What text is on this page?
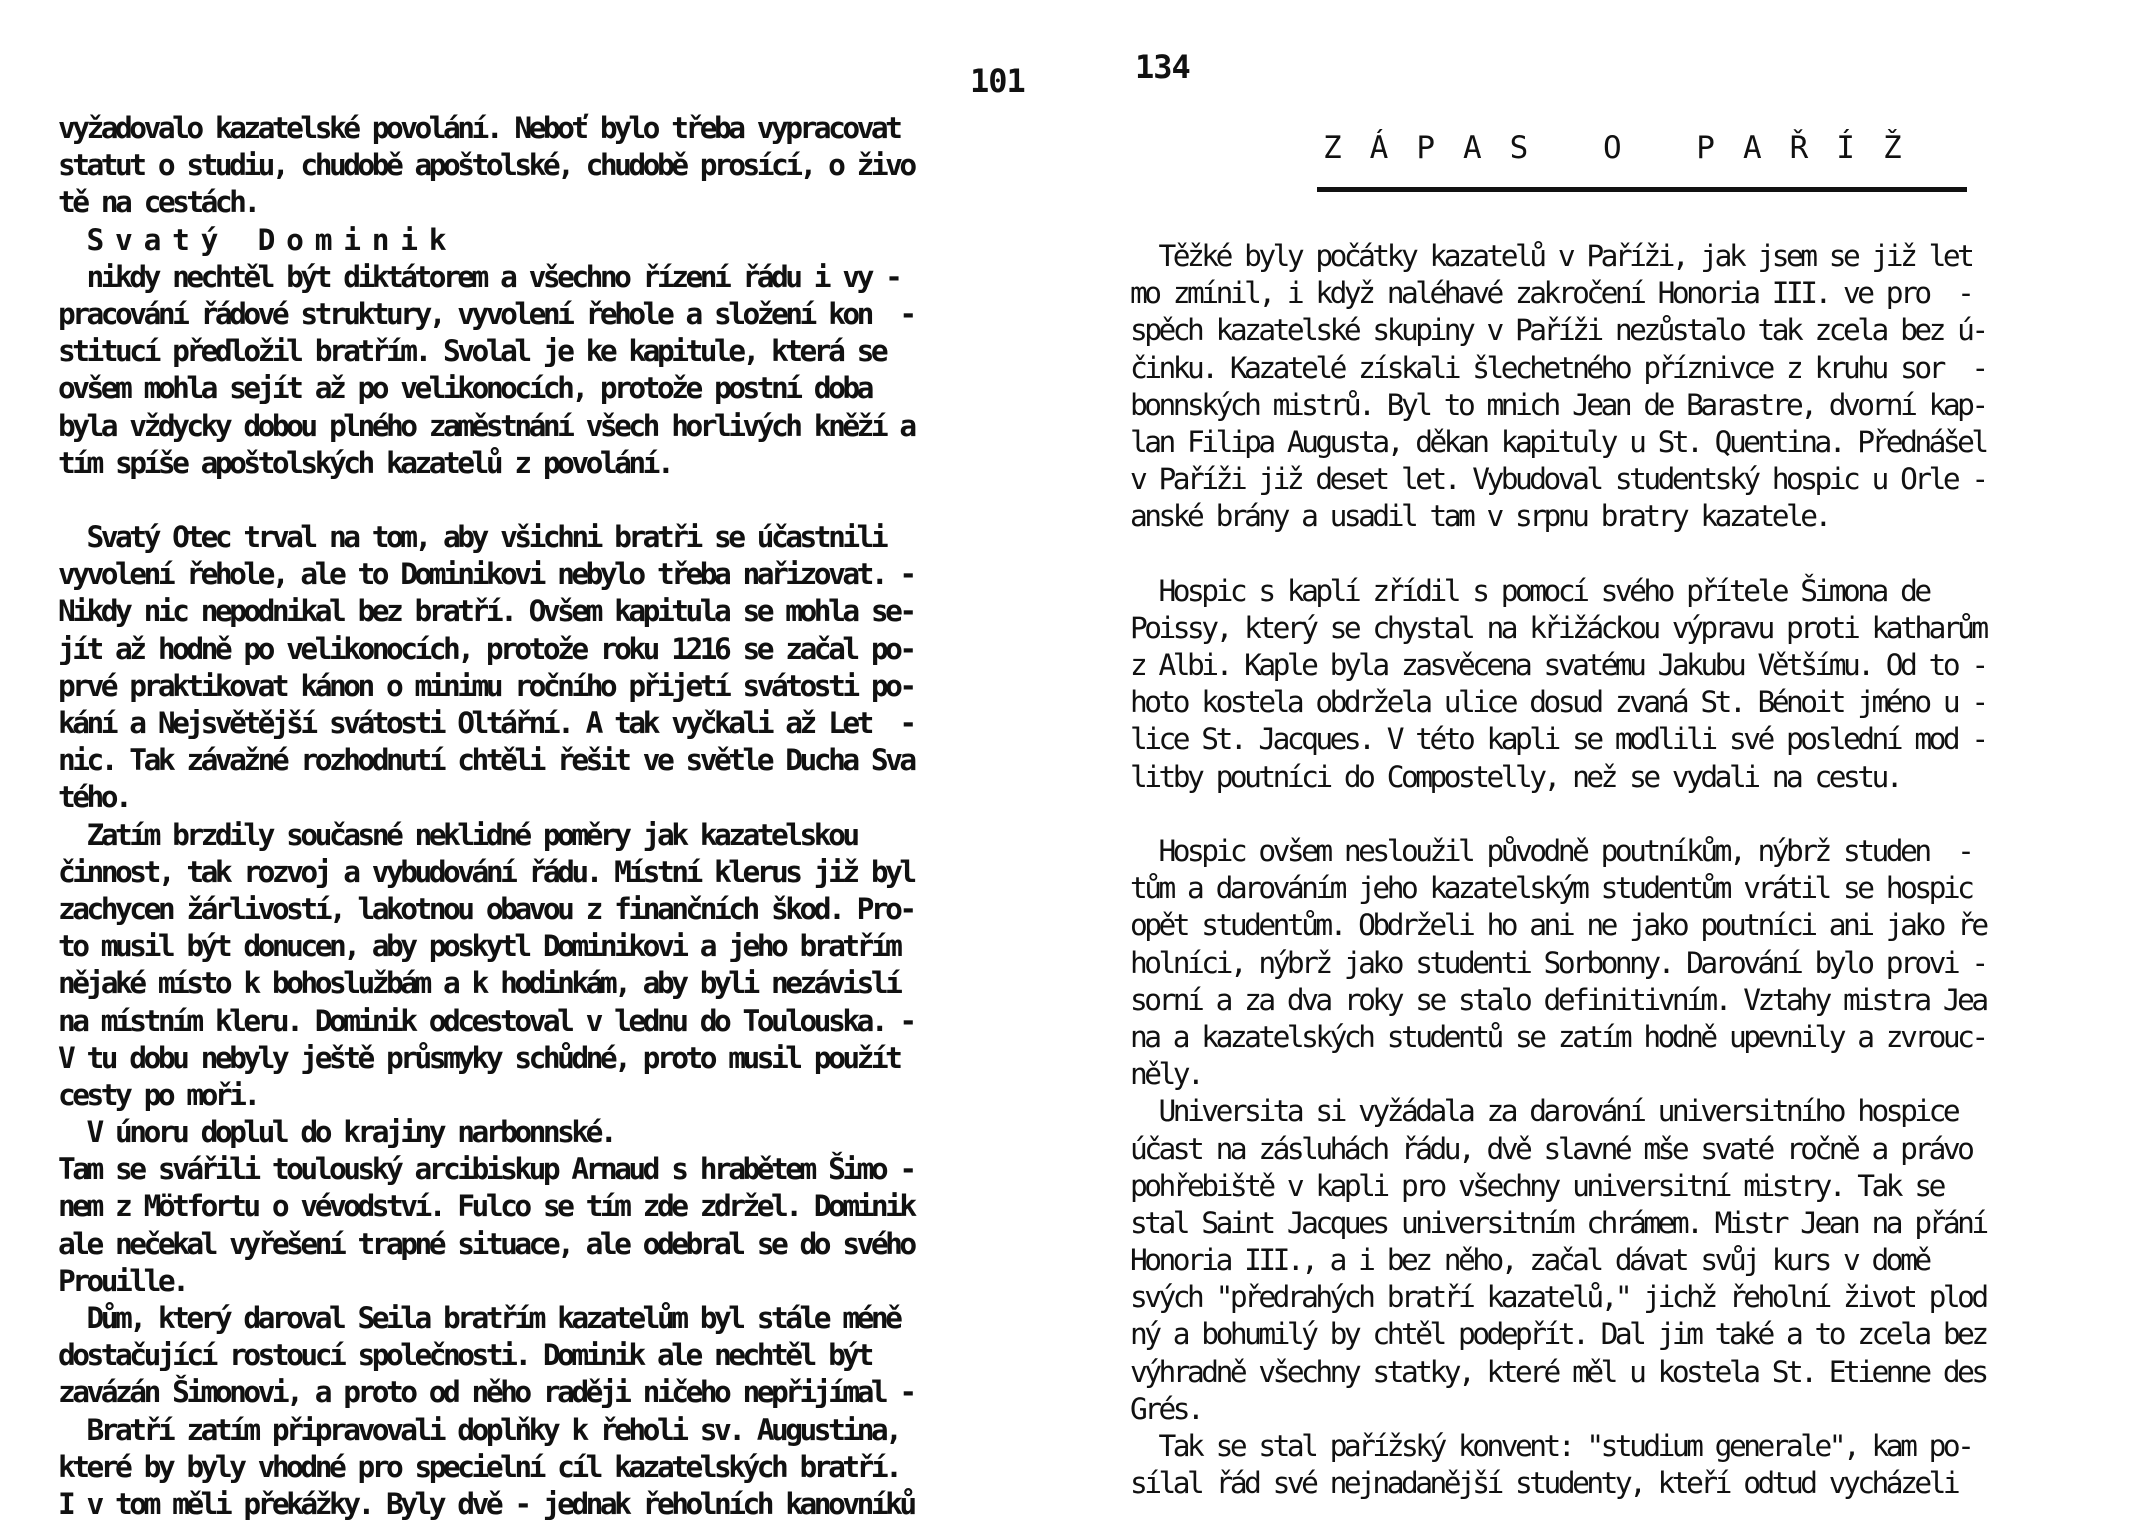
101
vyžadovalo kazatelské povolání. Neboť bylo třeba vypracovat
statut o studiu, chudobě apoštolské, chudobě prosící, o živo
tě na cestách.
S v a t ý   D o m i n i k
nikdy nechtěl být diktátorem a všechno řízení řádu i vy -
pracování řádové struktury, vyvolení řehole a složení kon  -
stitucí předložil bratřím. Svolal je ke kapitule, která se
ovšem mohla sejít až po velikonocích, protože postní doba
byla vždycky dobou plného zaměstnání všech horlivých kněží a
tím spíše apoštolských kazatelů z povolání.
Svatý Otec trval na tom, aby všichni bratři se účastnili
vyvolení řehole, ale to Dominikovi nebylo třeba nařizovat. -
Nikdy nic nepodnikal bez bratří. Ovšem kapitula se mohla se-
jít až hodně po velikonocích, protože roku 1216 se začal po-
prvé praktikovat kánon o minimu ročního přijetí svátosti po-
kání a Nejsvětější svátosti Oltářní. A tak vyčkali až Let  -
nic. Tak závažné rozhodnutí chtěli řešit ve světle Ducha Sva
tého.
Zatím brzdily současné neklidné poměry jak kazatelskou
činnost, tak rozvoj a vybudování řádu. Místní klerus již byl
zachycen žárlivostí, lakotnou obavou z finančních škod. Pro-
to musil být donucen, aby poskytl Dominikovi a jeho bratřím
nějaké místo k bohoslužbám a k hodinkám, aby byli nezávislí
na místním kleru. Dominik odcestoval v lednu do Toulouska. -
V tu dobu nebyly ještě průsmyky schůdné, proto musil použít
cesty po moři.
V únoru doplul do krajiny narbonnské.
Tam se svářili toulouský arcibiskup Arnaud s hrabětem Šimo -
nem z Mötfortu o vévodství. Fulco se tím zde zdržel. Dominik
ale nečekal vyřešení trapné situace, ale odebral se do svého
Prouille.
Dům, který daroval Seila bratřím kazatelům byl stále méně
dostačující rostoucí společnosti. Dominik ale nechtěl být
zavázán Šimonovi, a proto od něho raději ničeho nepřijímal -
Bratří zatím připravovali doplňky k řeholi sv. Augustina,
které by byly vhodné pro specielní cíl kazatelských bratří.
I v tom měli překážky. Byly dvě - jednak řeholních kanovníků
134
ZÁPAS O PAŘÍŽ
Těžké byly počátky kazatelů v Paříži, jak jsem se již let
mo zmínil, i když naléhavé zakročení Honoria III. ve pro  -
spěch kazatelské skupiny v Paříži nezůstalo tak zcela bez ú-
činku. Kazatelé získali šlechetného příznivce z kruhu sor  -
bonnských mistrů. Byl to mnich Jean de Barastre, dvorní kap-
lan Filipa Augusta, děkan kapituly u St. Quentina. Přednášel
v Paříži již deset let. Vybudoval studentský hospic u Orle -
anské brány a usadil tam v srpnu bratry kazatele.
Hospic s kaplí zřídil s pomocí svého přítele Šimona de
Poissy, který se chystal na křižáckou výpravu proti katharům
z Albi. Kaple byla zasvěcena svatému Jakubu Většímu. Od to -
hoto kostela obdržela ulice dosud zvaná St. Bénoit jméno u -
lice St. Jacques. V této kapli se modlili své poslední mod -
litby poutníci do Compostelly, než se vydali na cestu.
Hospic ovšem nesloužil původně poutníkům, nýbrž studen  -
tům a darováním jeho kazatelským studentům vrátil se hospic
opět studentům. Obdrželi ho ani ne jako poutníci ani jako ře
holníci, nýbrž jako studenti Sorbonny. Darování bylo provi -
sorní a za dva roky se stalo definitivním. Vztahy mistra Jea
na a kazatelských studentů se zatím hodně upevnily a zvrouc-
něly.
Universita si vyžádala za darování universitního hospice
účast na zásluhách řádu, dvě slavné mše svaté ročně a právo
pohřebiště v kapli pro všechny universitní mistry. Tak se
stal Saint Jacques universitním chrámem. Mistr Jean na přání
Honoria III., a i bez něho, začal dávat svůj kurs v domě
svých "předrahých bratří kazatelů," jichž řeholní život plod
ný a bohumilý by chtěl podepřít. Dal jim také a to zcela bez
výhradně všechny statky, které měl u kostela St. Etienne des
Grés.
Tak se stal pařížský konvent: "studium generale", kam po-
sílal řád své nejnadanější studenty, kteří odtud vycházeli
